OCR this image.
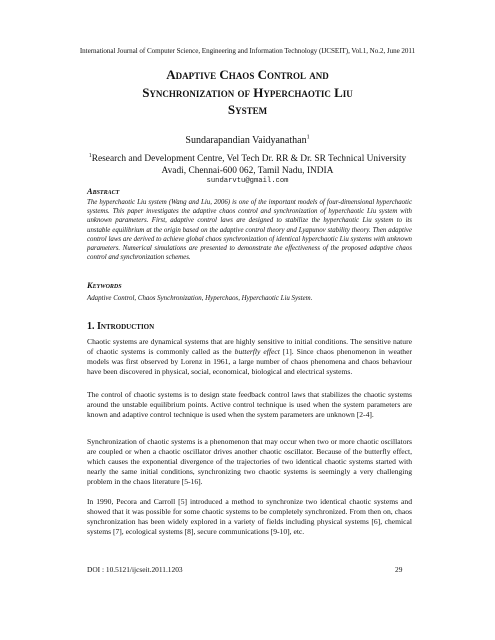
International Journal of Computer Science, Engineering and Information Technology (IJCSEIT), Vol.1, No.2, June 2011
Adaptive Chaos Control and
Synchronization of Hyperchaotic Liu
System
Sundarapandian Vaidyanathan$^1$
$^1$Research and Development Centre, Vel Tech Dr. RR & Dr. SR Technical University
Avadi, Chennai-600 062, Tamil Nadu, INDIA
sundarvtu@gmail.com
Abstract
The hyperchaotic Liu system (Wang and Liu, 2006) is one of the important models of four-dimensional hyperchaotic systems. This paper investigates the adaptive chaos control and synchronization of hyperchaotic Liu system with unknown parameters. First, adaptive control laws are designed to stabilize the hyperchaotic Liu system to its unstable equilibrium at the origin based on the adaptive control theory and Lyapunov stability theory. Then adaptive control laws are derived to achieve global chaos synchronization of identical hyperchaotic Liu systems with unknown parameters. Numerical simulations are presented to demonstrate the effectiveness of the proposed adaptive chaos control and synchronization schemes.
Keywords
Adaptive Control, Chaos Synchronization, Hyperchaos, Hyperchaotic Liu System.
1. Introduction

Chaotic systems are dynamical systems that are highly sensitive to initial conditions. The sensitive nature of chaotic systems is commonly called as the butterfly effect [1]. Since chaos phenomenon in weather models was first observed by Lorenz in 1961, a large number of chaos phenomena and chaos behaviour have been discovered in physical, social, economical, biological and electrical systems.

The control of chaotic systems is to design state feedback control laws that stabilizes the chaotic systems around the unstable equilibrium points. Active control technique is used when the system parameters are known and adaptive control technique is used when the system parameters are unknown [2-4].

Synchronization of chaotic systems is a phenomenon that may occur when two or more chaotic oscillators are coupled or when a chaotic oscillator drives another chaotic oscillator. Because of the butterfly effect, which causes the exponential divergence of the trajectories of two identical chaotic systems started with nearly the same initial conditions, synchronizing two chaotic systems is seemingly a very challenging problem in the chaos literature [5-16].

In 1990, Pecora and Carroll [5] introduced a method to synchronize two identical chaotic systems and showed that it was possible for some chaotic systems to be completely synchronized. From then on, chaos synchronization has been widely explored in a variety of fields including physical systems [6], chemical systems [7], ecological systems [8], secure communications [9-10], etc.

DOI : 10.5121/ijcseit.2011.1203	29
